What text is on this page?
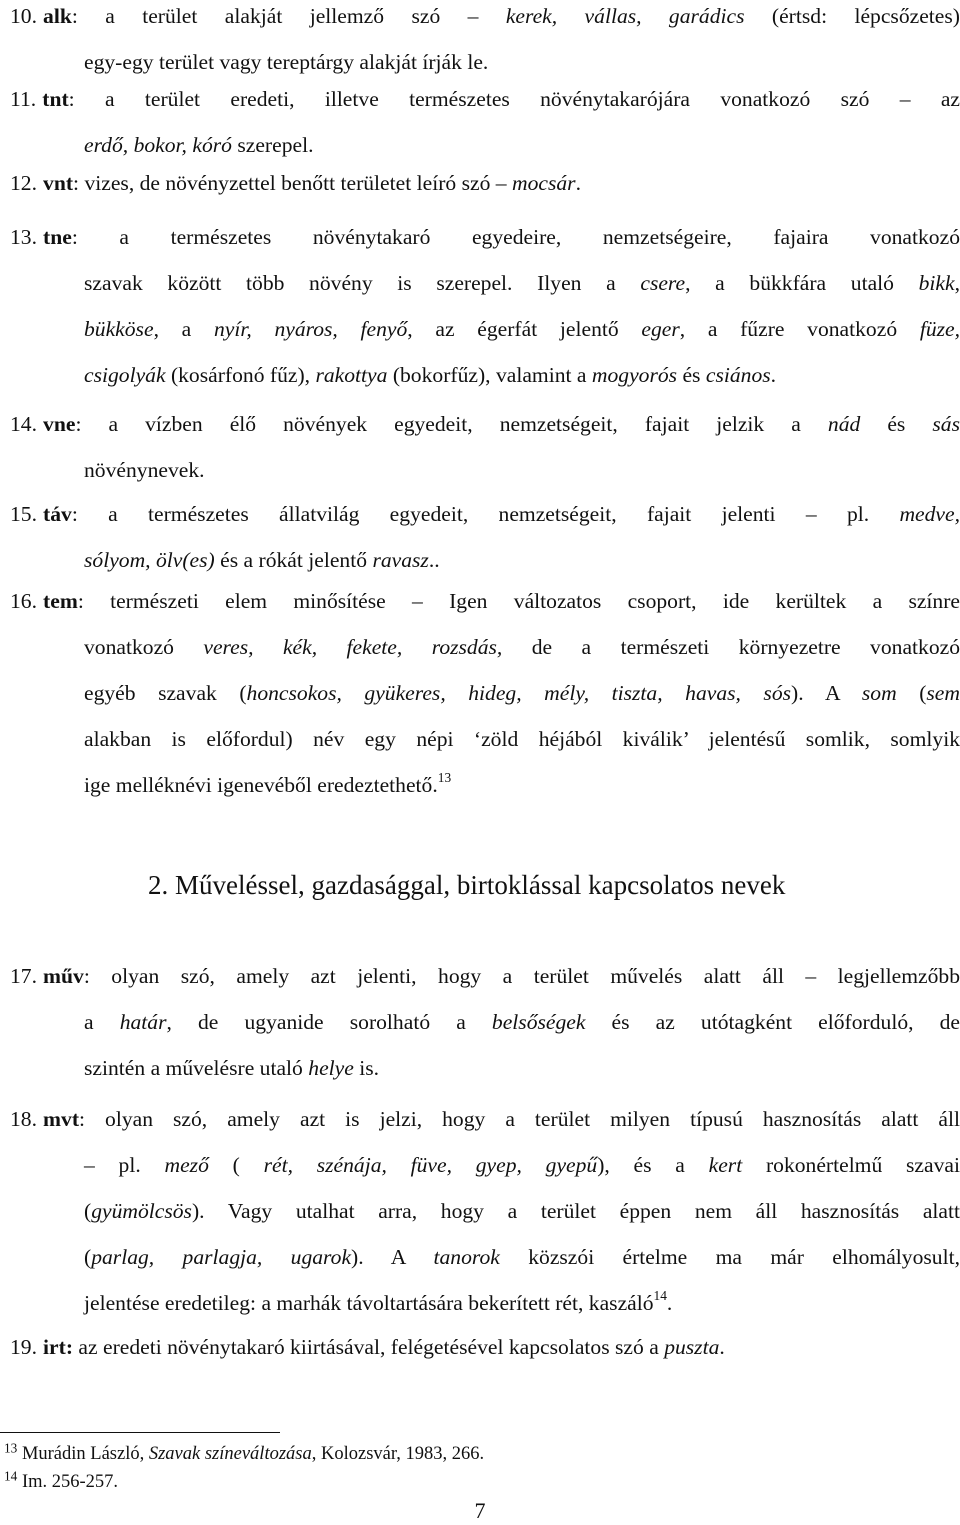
10. alk: a terület alakját jellemző szó – kerek, vállas, garádics (értsd: lépcsőzetes)
egy-egy terület vagy tereptárgy alakját írják le.
11. tnt: a terület eredeti, illetve természetes növénytakarójára vonatkozó szó – az
erdő, bokor, kóró szerepel.
12. vnt: vizes, de növényzettel benőtt területet leíró szó – mocsár.
13. tne: a természetes növénytakaró egyedeire, nemzetségeire, fajaira vonatkozó
szavak között több növény is szerepel. Ilyen a csere, a bükkfára utaló bikk,
bükköse, a nyír, nyáros, fenyő, az égerfát jelentő eger, a fűzre vonatkozó füze,
csigolyák (kosárfonó fűz), rakottya (bokorfűz), valamint a mogyorós és csiános.
14. vne: a vízben élő növények egyedeit, nemzetségeit, fajait jelzik a nád és sás
növénynevek.
15. táv: a természetes állatvilág egyedeit, nemzetségeit, fajait jelenti – pl. medve,
sólyom, ölv(es) és a rókát jelentő ravasz..
16. tem: természeti elem minősítése – Igen változatos csoport, ide kerültek a színre
vonatkozó veres, kék, fekete, rozsdás, de a természeti környezetre vonatkozó
egyéb szavak (honcsokos, gyükeres, hideg, mély, tiszta, havas, sós). A som (sem
alakban is előfordul) név egy népi ‘zöld héjából kiválik’ jelentésű somlik, somlyik
ige melléknévi igenevéből eredeztethető.$^{13}$
17. műv: olyan szó, amely azt jelenti, hogy a terület művelés alatt áll – legjellemzőbb
a határ, de ugyanide sorolható a belsőségek és az utótagként előforduló, de
szintén a művelésre utaló helye is.
18. mvt: olyan szó, amely azt is jelzi, hogy a terület milyen típusú hasznosítás alatt áll
– pl. mező ( rét, szénája, füve, gyep, gyepű), és a kert rokonértelmű szavai
(gyümölcsös). Vagy utalhat arra, hogy a terület éppen nem áll hasznosítás alatt
(parlag, parlagja, ugarok). A tanorok közszói értelme ma már elhomályosult,
jelentése eredetileg: a marhák távoltartására bekerített rét, kaszáló$^{14}$.
19. irt: az eredeti növénytakaró kiirtásával, felégetésével kapcsolatos szó a puszta.
2. Műveléssel, gazdasággal, birtoklással kapcsolatos nevek
$^{13}$ Murádin László, Szavak színeváltozása, Kolozsvár, 1983, 266.
$^{14}$ Im. 256-257.
7
